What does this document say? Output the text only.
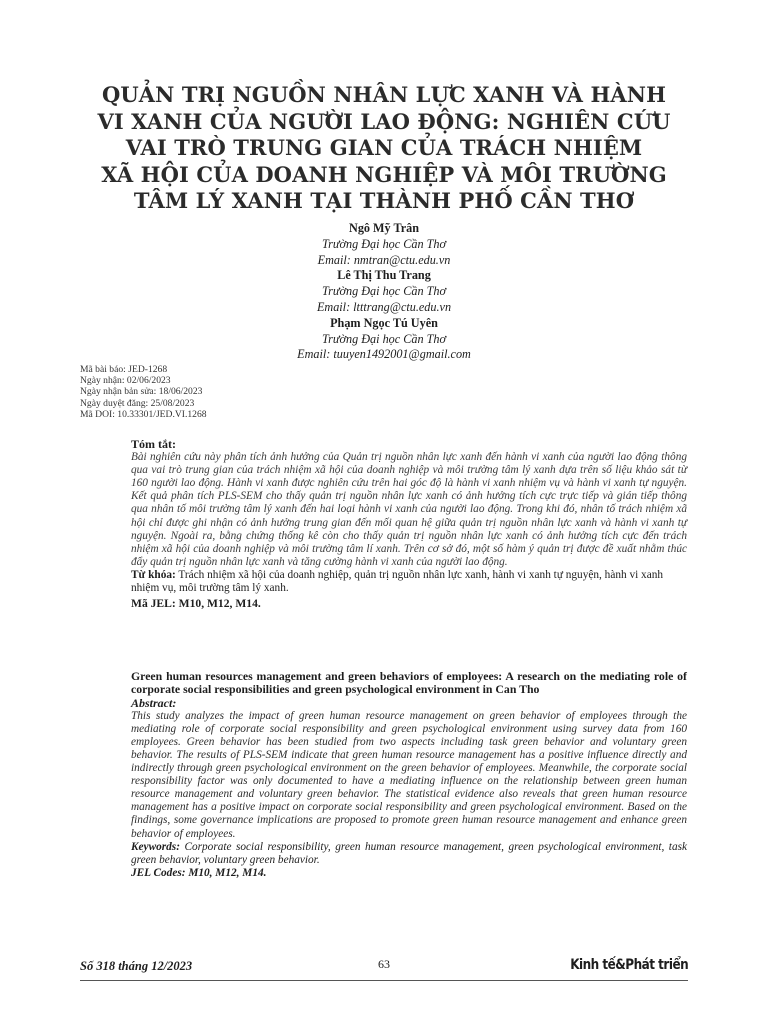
QUẢN TRỊ NGUỒN NHÂN LỰC XANH VÀ HÀNH
VI XANH CỦA NGƯỜI LAO ĐỘNG: NGHIÊN CỨU
VAI TRÒ TRUNG GIAN CỦA TRÁCH NHIỆM
XÃ HỘI CỦA DOANH NGHIỆP VÀ MÔI TRƯỜNG
TÂM LÝ XANH TẠI THÀNH PHỐ CẦN THƠ
Ngô Mỹ Trân
Trường Đại học Cần Thơ
Email: nmtran@ctu.edu.vn
Lê Thị Thu Trang
Trường Đại học Cần Thơ
Email: ltttrang@ctu.edu.vn
Phạm Ngọc Tú Uyên
Trường Đại học Cần Thơ
Email: tuuyen1492001@gmail.com
Mã bài báo: JED-1268
Ngày nhận: 02/06/2023
Ngày nhận bản sửa: 18/06/2023
Ngày duyệt đăng: 25/08/2023
Mã DOI: 10.33301/JED.VI.1268
Tóm tắt:
Bài nghiên cứu này phân tích ảnh hưởng của Quản trị nguồn nhân lực xanh đến hành vi xanh của người lao động thông qua vai trò trung gian của trách nhiệm xã hội của doanh nghiệp và môi trường tâm lý xanh dựa trên số liệu khảo sát từ 160 người lao động. Hành vi xanh được nghiên cứu trên hai góc độ là hành vi xanh nhiệm vụ và hành vi xanh tự nguyện. Kết quả phân tích PLS-SEM cho thấy quản trị nguồn nhân lực xanh có ảnh hưởng tích cực trực tiếp và gián tiếp thông qua nhân tố môi trường tâm lý xanh đến hai loại hành vi xanh của người lao động. Trong khi đó, nhân tố trách nhiệm xã hội chỉ được ghi nhận có ảnh hưởng trung gian đến mối quan hệ giữa quản trị nguồn nhân lực xanh và hành vi xanh tự nguyện. Ngoài ra, bằng chứng thống kê còn cho thấy quản trị nguồn nhân lực xanh có ảnh hưởng tích cực đến trách nhiệm xã hội của doanh nghiệp và môi trường tâm lí xanh. Trên cơ sở đó, một số hàm ý quản trị được đề xuất nhằm thúc đẩy quản trị nguồn nhân lực xanh và tăng cường hành vi xanh của người lao động.
Từ khóa: Trách nhiệm xã hội của doanh nghiệp, quản trị nguồn nhân lực xanh, hành vi xanh tự nguyện, hành vi xanh nhiệm vụ, môi trường tâm lý xanh.
Mã JEL: M10, M12, M14.
Green human resources management and green behaviors of employees: A research on the mediating role of corporate social responsibilities and green psychological environment in Can Tho
Abstract:
This study analyzes the impact of green human resource management on green behavior of employees through the mediating role of corporate social responsibility and green psychological environment using survey data from 160 employees. Green behavior has been studied from two aspects including task green behavior and voluntary green behavior. The results of PLS-SEM indicate that green human resource management has a positive influence directly and indirectly through green psychological environment on the green behavior of employees. Meanwhile, the corporate social responsibility factor was only documented to have a mediating influence on the relationship between green human resource management and voluntary green behavior. The statistical evidence also reveals that green human resource management has a positive impact on corporate social responsibility and green psychological environment. Based on the findings, some governance implications are proposed to promote green human resource management and enhance green behavior of employees.
Keywords: Corporate social responsibility, green human resource management, green psychological environment, task green behavior, voluntary green behavior.
JEL Codes: M10, M12, M14.
Số 318 tháng 12/2023	63	Kinh tế&Phát triển
